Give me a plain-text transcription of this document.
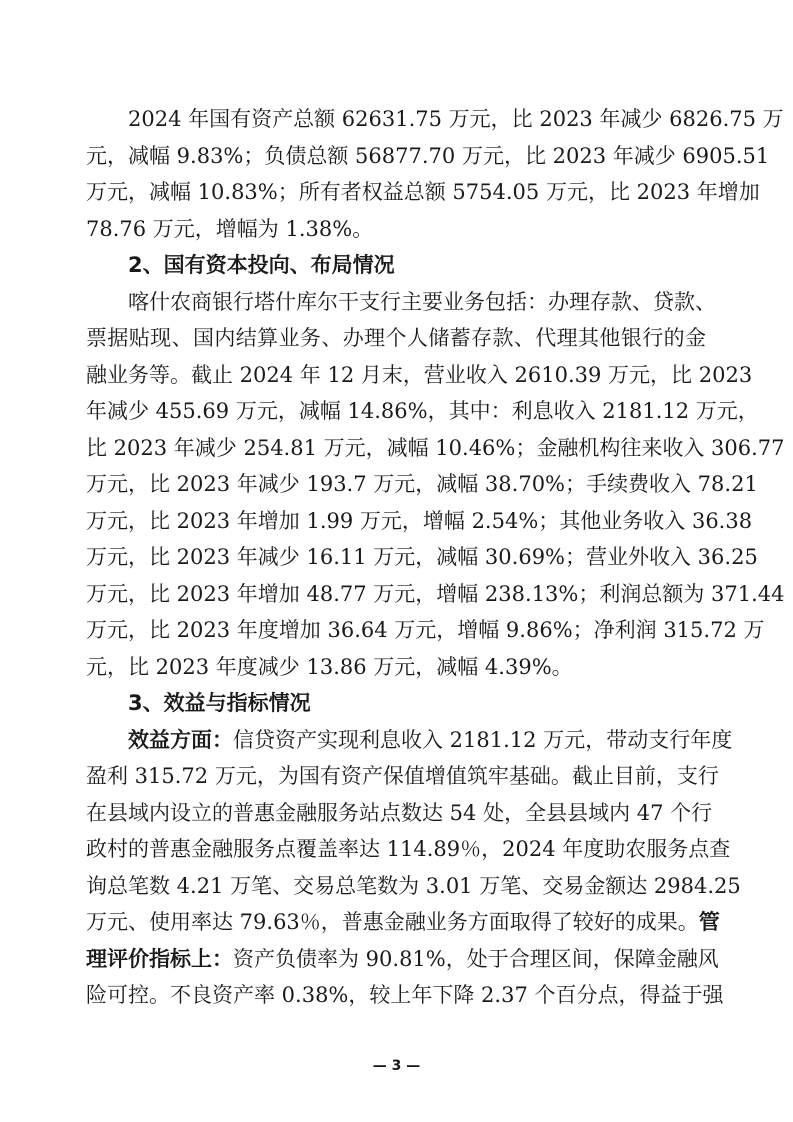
2024 年国有资产总额 62631.75 万元，比 2023 年减少 6826.75 万
元，减幅 9.83%；负债总额 56877.70 万元，比 2023 年减少 6905.51
万元，减幅 10.83%；所有者权益总额 5754.05 万元，比 2023 年增加
78.76 万元，增幅为 1.38%。
2、国有资本投向、布局情况
喀什农商银行塔什库尔干支行主要业务包括：办理存款、贷款、
票据贴现、国内结算业务、办理个人储蓄存款、代理其他银行的金
融业务等。截止 2024 年 12 月末，营业收入 2610.39 万元，比 2023
年减少 455.69 万元，减幅 14.86%，其中：利息收入 2181.12 万元，
比 2023 年减少 254.81 万元，减幅 10.46%；金融机构往来收入 306.77
万元，比 2023 年减少 193.7 万元，减幅 38.70%；手续费收入 78.21
万元，比 2023 年增加 1.99 万元，增幅 2.54%；其他业务收入 36.38
万元，比 2023 年减少 16.11 万元，减幅 30.69%；营业外收入 36.25
万元，比 2023 年增加 48.77 万元，增幅 238.13%；利润总额为 371.44
万元，比 2023 年度增加 36.64 万元，增幅 9.86%；净利润 315.72 万
元，比 2023 年度减少 13.86 万元，减幅 4.39%。
3、效益与指标情况
效益方面：信贷资产实现利息收入 2181.12 万元，带动支行年度
盈利 315.72 万元，为国有资产保值增值筑牢基础。截止目前，支行
在县域内设立的普惠金融服务站点数达 54 处，全县县域内 47 个行
政村的普惠金融服务点覆盖率达 114.89％，2024 年度助农服务点查
询总笔数 4.21 万笔、交易总笔数为 3.01 万笔、交易金额达 2984.25
万元、使用率达 79.63％，普惠金融业务方面取得了较好的成果。管
理评价指标上：资产负债率为 90.81%，处于合理区间，保障金融风
险可控。不良资产率 0.38%，较上年下降 2.37 个百分点，得益于强
— 3 —
